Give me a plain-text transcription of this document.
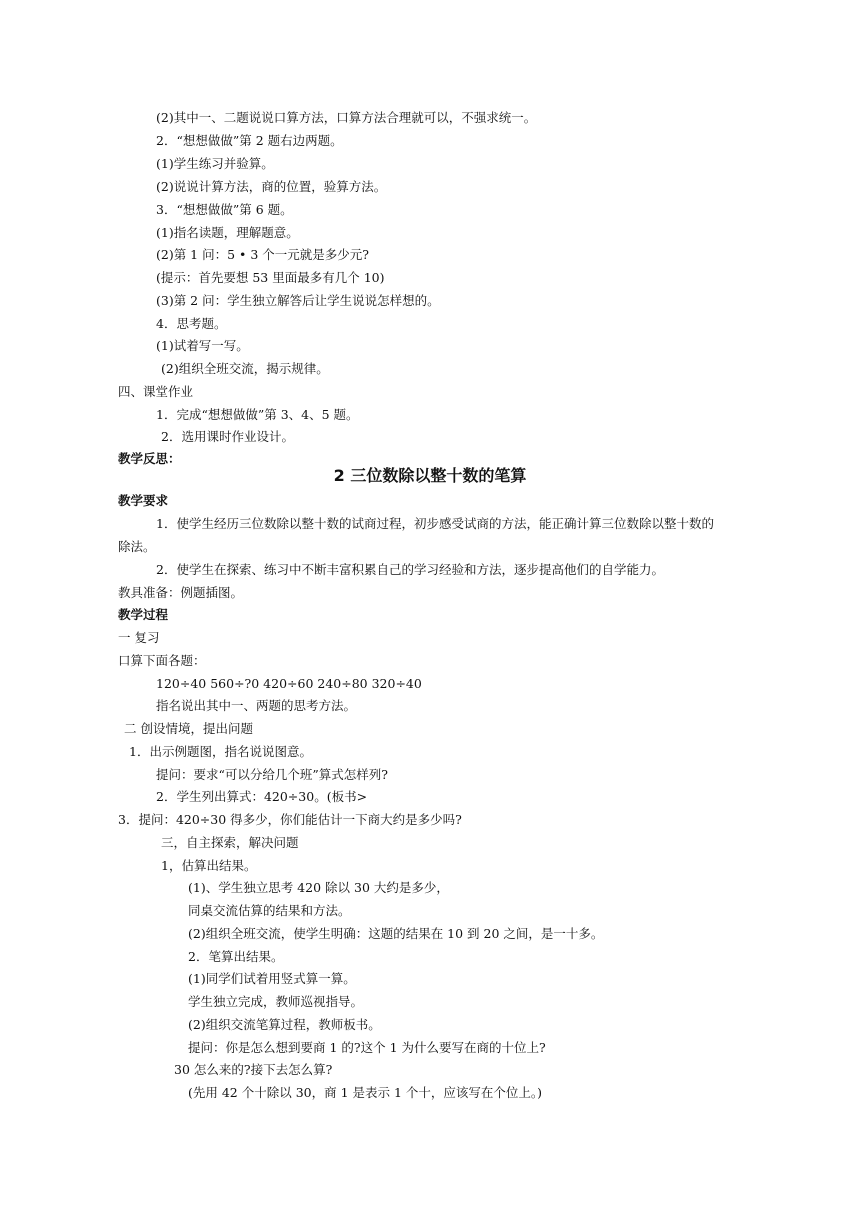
(2)其中一、二题说说口算方法，口算方法合理就可以，不强求统一。
2．“想想做做”第 2 题右边两题。
(1)学生练习并验算。
(2)说说计算方法，商的位置，验算方法。
3．“想想做做”第 6 题。
(1)指名读题，理解题意。
(2)第 1 问：5 • 3 个一元就是多少元?
(提示：首先要想 53 里面最多有几个 10)
(3)第 2 问：学生独立解答后让学生说说怎样想的。
4．思考题。
(1)试着写一写。
(2)组织全班交流，揭示规律。
四、课堂作业
1．完成“想想做做”第 3、4、5 题。
2．选用课时作业设计。
教学反思：
2 三位数除以整十数的笔算
教学要求
1．使学生经历三位数除以整十数的试商过程，初步感受试商的方法，能正确计算三位数除以整十数的
除法。
2．使学生在探索、练习中不断丰富积累自己的学习经验和方法，逐步提高他们的自学能力。
教具准备：例题插图。
教学过程
一 复习
口算下面各题：
120÷40 560÷?0 420÷60 240÷80 320÷40
指名说出其中一、两题的思考方法。
二 创设情境，提出问题
1．出示例题图，指名说说图意。
提问：要求“可以分给几个班”算式怎样列?
2．学生列出算式：420÷30。(板书>
3．提问：420÷30 得多少，你们能估计一下商大约是多少吗?
三，自主探索，解决问题
1，估算出结果。
(1)、学生独立思考 420 除以 30 大约是多少，
同桌交流估算的结果和方法。
(2)组织全班交流，使学生明确：这题的结果在 10 到 20 之间，是一十多。
2．笔算出结果。
(1)同学们试着用竖式算一算。
学生独立完成，教师巡视指导。
(2)组织交流笔算过程，教师板书。
提问：你是怎么想到要商 1 的?这个 1 为什么要写在商的十位上?
30 怎么来的?接下去怎么算?
(先用 42 个十除以 30，商 1 是表示 1 个十，应该写在个位上。)
